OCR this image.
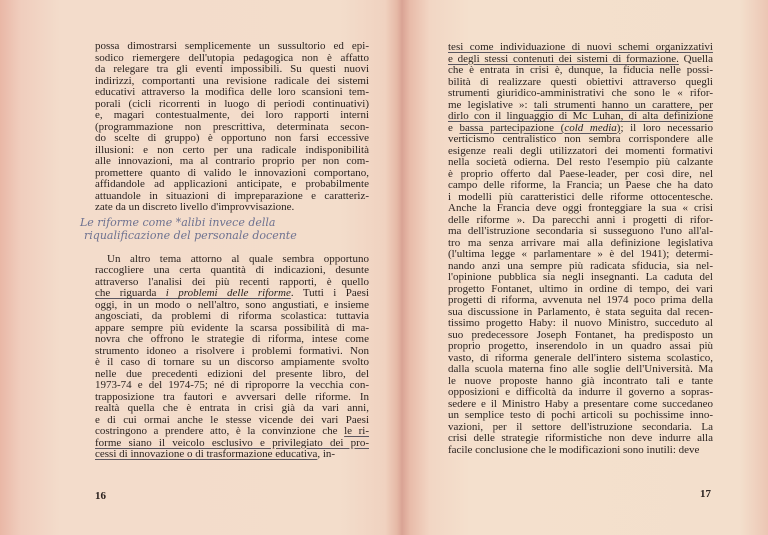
possa dimostrarsi semplicemente un sussultorio ed epi-
sodico riemergere dell'utopia pedagogica non è affatto
da relegare tra gli eventi impossibili. Su questi nuovi
indirizzi, comportanti una revisione radicale dei sistemi
educativi attraverso la modifica delle loro scansioni tem-
porali (cicli ricorrenti in luogo di periodi continuativi)
e, magari contestualmente, dei loro rapporti interni
(programmazione non prescrittiva, determinata secon-
do scelte di gruppo) è opportuno non farsi eccessive
illusioni: e non certo per una radicale indisponibilità
alle innovazioni, ma al contrario proprio per non com-
promettere quanto di valido le innovazioni comportano,
affidandole ad applicazioni anticipate, e probabilmente
attuandole in situazioni di impreparazione e caratteriz-
zate da un discreto livello d'improvvisazione.
Un altro tema attorno al quale sembra opportuno
raccogliere una certa quantità di indicazioni, desunte
attraverso l'analisi dei più recenti rapporti, è quello
che riguarda i problemi delle riforme. Tutti i Paesi
oggi, in un modo o nell'altro, sono angustiati, e insieme
angosciati, da problemi di riforma scolastica: tuttavia
appare sempre più evidente la scarsa possibilità di ma-
novra che offrono le strategie di riforma, intese come
strumento idoneo a risolvere i problemi formativi. Non
è il caso di tornare su un discorso ampiamente svolto
nelle due precedenti edizioni del presente libro, del
1973-74 e del 1974-75; né di riproporre la vecchia con-
trapposizione tra fautori e avversari delle riforme. In
realtà quella che è entrata in crisi già da vari anni,
e di cui ormai anche le stesse vicende dei vari Paesi
costringono a prendere atto, è la convinzione che le ri-
forme siano il veicolo esclusivo e privilegiato dei pro-
cessi di innovazione o di trasformazione educativa, in-
Le riforme come *alibi invece della
riqualificazione del personale docente
16
tesi come individuazione di nuovi schemi organizzativi
e degli stessi contenuti dei sistemi di formazione. Quella
che è entrata in crisi è, dunque, la fiducia nelle possi-
bilità di realizzare questi obiettivi attraverso quegli
strumenti giuridico-amministrativi che sono le « rifor-
me legislative »: tali strumenti hanno un carattere, per
dirlo con il linguaggio di Mc Luhan, di alta definizione
e bassa partecipazione (cold media); il loro necessario
verticismo centralistico non sembra corrispondere alle
esigenze reali degli utilizzatori dei momenti formativi
nella società odierna. Del resto l'esempio più calzante
è proprio offerto dal Paese-leader, per così dire, nel
campo delle riforme, la Francia; un Paese che ha dato
i modelli più caratteristici delle riforme ottocentesche.
Anche la Francia deve oggi fronteggiare la sua « crisi
delle riforme ». Da parecchi anni i progetti di rifor-
ma dell'istruzione secondaria si susseguono l'uno all'al-
tro ma senza arrivare mai alla definizione legislativa
(l'ultima legge « parlamentare » è del 1941); determi-
nando anzi una sempre più radicata sfiducia, sia nel-
l'opinione pubblica sia negli insegnanti. La caduta del
progetto Fontanet, ultimo in ordine di tempo, dei vari
progetti di riforma, avvenuta nel 1974 poco prima della
sua discussione in Parlamento, è stata seguita dal recen-
tissimo progetto Haby: il nuovo Ministro, succeduto al
suo predecessore Joseph Fontanet, ha predisposto un
proprio progetto, inserendolo in un quadro assai più
vasto, di riforma generale dell'intero sistema scolastico,
dalla scuola materna fino alle soglie dell'Università. Ma
le nuove proposte hanno già incontrato tali e tante
opposizioni e difficoltà da indurre il governo a sopras-
sedere e il Ministro Haby a presentare come succedaneo
un semplice testo di pochi articoli su pochissime inno-
vazioni, per il settore dell'istruzione secondaria. La
crisi delle strategie riformistiche non deve indurre alla
facile conclusione che le modificazioni sono inutili: deve
17
